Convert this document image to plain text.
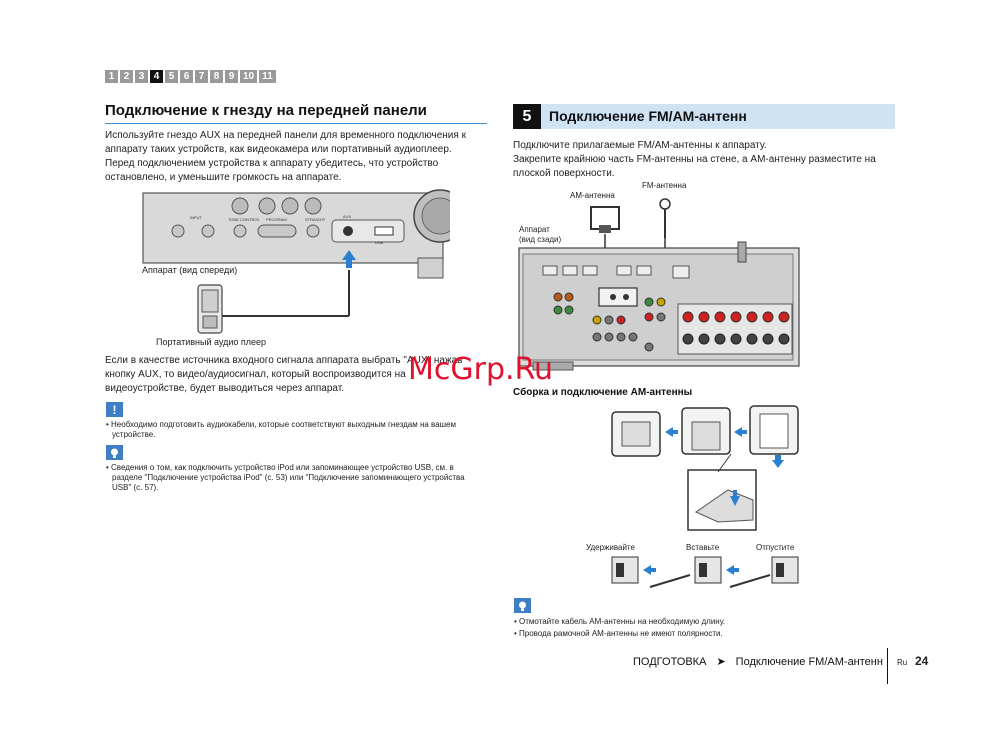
1 2 3 4 5 6 7 8 9 10 11
Подключение к гнезду на передней панели
Используйте гнездо AUX на передней панели для временного подключения к
аппарату таких устройств, как видеокамера или портативный аудиоплеер.
Перед подключением устройства к аппарату убедитесь, что устройство
остановлено, и уменьшите громкость на аппарате.
INPUT	TONE CONTROL PROGRAM	STRAIGHT
AUX
USB
Аппарат (вид спереди)
Портативный аудио плеер
Если в качестве источника входного сигнала аппарата выбрать "AUX" нажав
кнопку AUX, то видео/аудиосигнал, который воспроизводится на
видеоустройстве, будет выводиться через аппарат.
!
• Необходимо подготовить аудиокабели, которые соответствуют выходным гнездам на вашем
устройстве.
• Сведения о том, как подключить устройство iPod или запоминающее устройство USB, см. в
разделе "Подключение устройства iPod" (с. 53) или "Подключение запоминающего устройства
USB" (с. 57).
5	Подключение FM/AM-антенн
Подключите прилагаемые FM/AM-антенны к аппарату.
Закрепите крайнюю часть FM-антенны на стене, а AM-антенну разместите на
плоской поверхности.
AM-антенна
FM-антенна
Аппарат
(вид сзади)
Сборка и подключение AM-антенны
Удерживайте	Вставьте	Отпустите
• Отмотайте кабель AM-антенны на необходимую длину.
• Провода рамочной AM-антенны не имеют полярности.
McGrp.Ru
ПОДГОТОВКА ➤ Подключение FM/AM-антенн Ru 24
